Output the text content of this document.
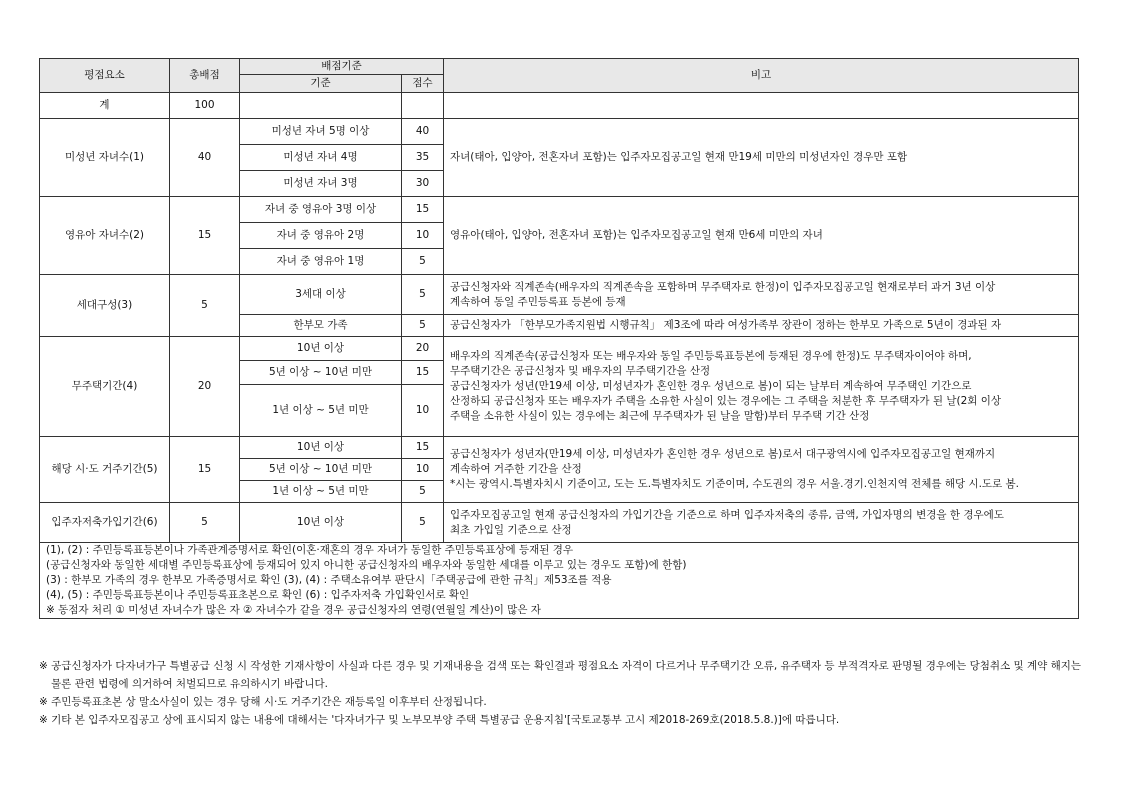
평점요소	총배점	배점기준		비고
		기준	점수	
계	100			
미성년 자녀수(1)	40	미성년 자녀 5명 이상	40	자녀(태아, 입양아, 전혼자녀 포함)는 입주자모집공고일 현재 만19세 미만의 미성년자인 경우만 포함

		미성년 자녀 4명	35	
		미성년 자녀 3명	30	
영유아 자녀수(2)	15	자녀 중 영유아 3명 이상	15	영유아(태아, 입양아, 전혼자녀 포함)는 입주자모집공고일 현재 만6세 미만의 자녀

		자녀 중 영유아 2명	10	
		자녀 중 영유아 1명	5	
세대구성(3)	5	3세대 이상	5	공급신청자와 직계존속(배우자의 직계존속을 포함하며 무주택자로 한정)이 입주자모집공고일 현재로부터 과거 3년 이상
계속하여 동일 주민등록표 등본에 등재

		한부모 가족	5	공급신청자가 「한부모가족지원법 시행규칙」 제3조에 따라 여성가족부 장관이 정하는 한부모 가족으로 5년이 경과된 자

무주택기간(4)	20	10년 이상	20	배우자의 직계존속(공급신청자 또는 배우자와 동일 주민등록표등본에 등재된 경우에 한정)도 무주택자이어야 하며,
무주택기간은 공급신청자 및 배우자의 무주택기간을 산정
공급신청자가 성년(만19세 이상, 미성년자가 혼인한 경우 성년으로 봄)이 되는 날부터 계속하여 무주택인 기간으로
산정하되 공급신청자 또는 배우자가 주택을 소유한 사실이 있는 경우에는 그 주택을 처분한 후 무주택자가 된 날(2회 이상
주택을 소유한 사실이 있는 경우에는 최근에 무주택자가 된 날을 말함)부터 무주택 기간 산정

		5년 이상 ~ 10년 미만	15	
		1년 이상 ~ 5년 미만	10	
해당 시·도 거주기간(5)	15	10년 이상	15	공급신청자가 성년자(만19세 이상, 미성년자가 혼인한 경우 성년으로 봄)로서 대구광역시에 입주자모집공고일 현재까지
계속하여 거주한 기간을 산정
*시는 광역시.특별자치시 기준이고, 도는 도.특별자치도 기준이며, 수도권의 경우 서울.경기.인천지역 전체를 해당 시.도로 봄.

		5년 이상 ~ 10년 미만	10	
		1년 이상 ~ 5년 미만	5	
입주자저축가입기간(6)	5	10년 이상	5	입주자모집공고일 현재 공급신청자의 가입기간을 기준으로 하며 입주자저축의 종류, 금액, 가입자명의 변경을 한 경우에도
최초 가입일 기준으로 산정

(1), (2) : 주민등록표등본이나 가족관계증명서로 확인(이혼·재혼의 경우 자녀가 동일한 주민등록표상에 등재된 경우
(공급신청자와 동일한 세대별 주민등록표상에 등재되어 있지 아니한 공급신청자의 배우자와 동일한 세대를 이루고 있는 경우도 포함)에 한함)
(3) : 한부모 가족의 경우 한부모 가족증명서로 확인 (3), (4) : 주택소유여부 판단시「주택공급에 관한 규칙」제53조를 적용
(4), (5) : 주민등록표등본이나 주민등록표초본으로 확인 (6) : 입주자저축 가입확인서로 확인
※ 동점자 처리 ① 미성년 자녀수가 많은 자 ② 자녀수가 같을 경우 공급신청자의 연령(연월일 계산)이 많은 자				
※ 공급신청자가 다자녀가구 특별공급 신청 시 작성한 기재사항이 사실과 다른 경우 및 기재내용을 검색 또는 확인결과 평점요소 자격이 다르거나 무주택기간 오류, 유주택자 등 부적격자로 판명될 경우에는 당첨취소 및 계약 해지는 물론 관련 법령에 의거하여 처벌되므로 유의하시기 바랍니다.
※ 주민등록표초본 상 말소사실이 있는 경우 당해 시·도 거주기간은 재등록일 이후부터 산정됩니다.
※ 기타 본 입주자모집공고 상에 표시되지 않는 내용에 대해서는 '다자녀가구 및 노부모부양 주택 특별공급 운용지침'[국토교통부 고시 제2018-269호(2018.5.8.)]에 따릅니다.
